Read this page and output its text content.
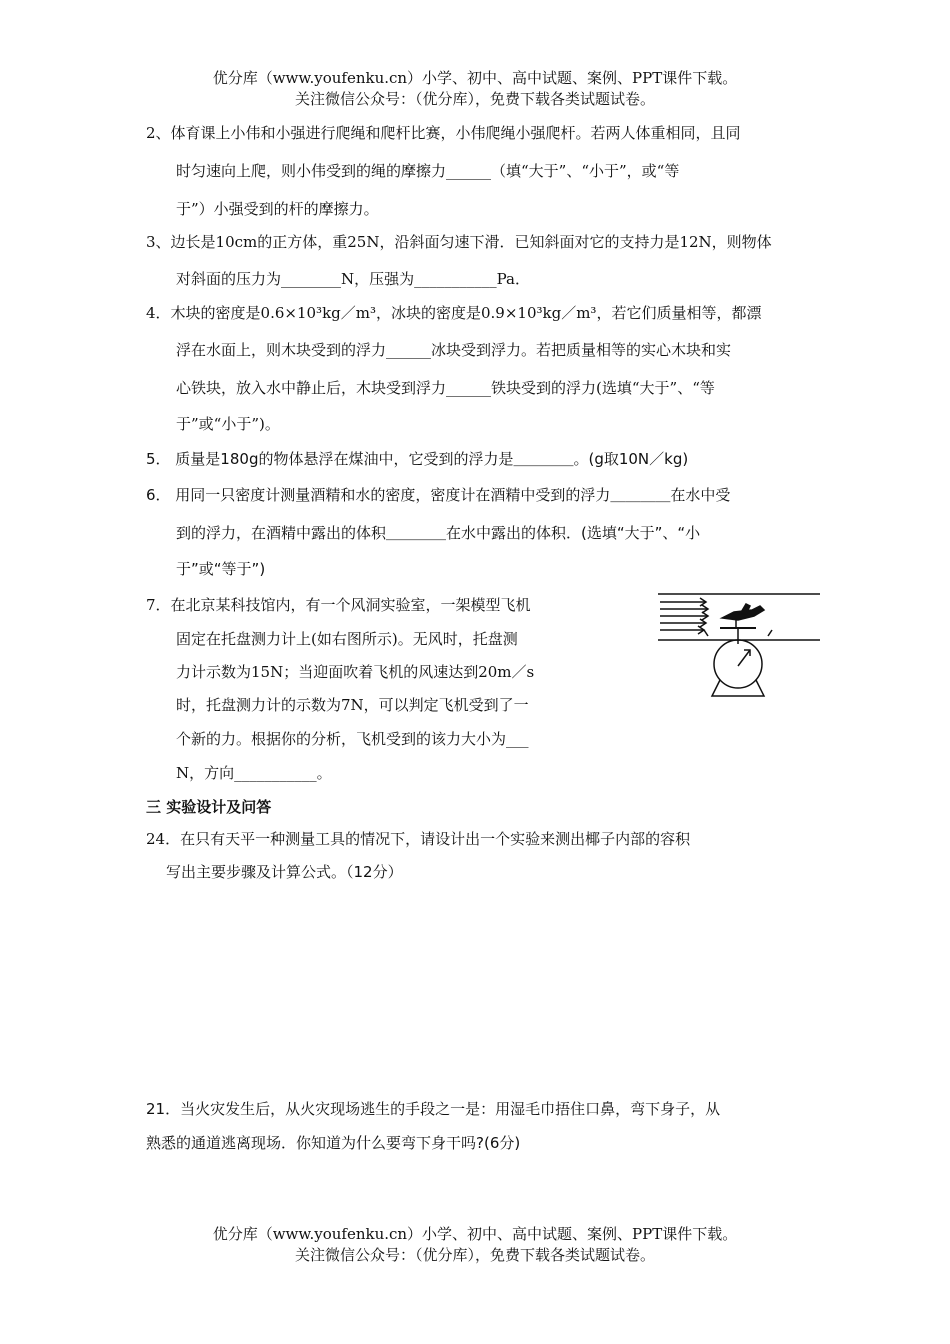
优分库（www.youfenku.cn）小学、初中、高中试题、案例、PPT课件下载。
关注微信公众号：（优分库），免费下载各类试题试卷。
2、体育课上小伟和小强进行爬绳和爬杆比赛，小伟爬绳小强爬杆。若两人体重相同，且同
时匀速向上爬，则小伟受到的绳的摩擦力______（填“大于”、“小于”，或“等
于”）小强受到的杆的摩擦力。
3、边长是10cm的正方体，重25N，沿斜面匀速下滑．已知斜面对它的支持力是12N，则物体
对斜面的压力为________N，压强为___________Pa．
4．木块的密度是0.6×10³kg／m³，冰块的密度是0.9×10³kg／m³，若它们质量相等，都漂
浮在水面上，则木块受到的浮力______冰块受到浮力。若把质量相等的实心木块和实
心铁块，放入水中静止后，木块受到浮力______铁块受到的浮力(选填“大于”、“等
于”或“小于”)。
5． 质量是180g的物体悬浮在煤油中，它受到的浮力是＿＿＿＿。(g取10N／kg)
6． 用同一只密度计测量酒精和水的密度，密度计在酒精中受到的浮力＿＿＿＿在水中受
到的浮力，在酒精中露出的体积＿＿＿＿在水中露出的体积．(选填“大于”、“小
于”或“等于”)
7．在北京某科技馆内，有一个风洞实验室，一架模型飞机
固定在托盘测力计上(如右图所示)。无风时，托盘测
力计示数为15N；当迎面吹着飞机的风速达到20m／s
时，托盘测力计的示数为7N，可以判定飞机受到了一
个新的力。根据你的分析，飞机受到的该力大小为___
N，方向___________。
三 实验设计及问答
24．在只有天平一种测量工具的情况下，请设计出一个实验来测出椰子内部的容积
写出主要步骤及计算公式。（12分）
21．当火灾发生后，从火灾现场逃生的手段之一是：用湿毛巾捂住口鼻，弯下身子，从
熟悉的通道逃离现场．你知道为什么要弯下身干吗?(6分)
优分库（www.youfenku.cn）小学、初中、高中试题、案例、PPT课件下载。
关注微信公众号：（优分库），免费下载各类试题试卷。
